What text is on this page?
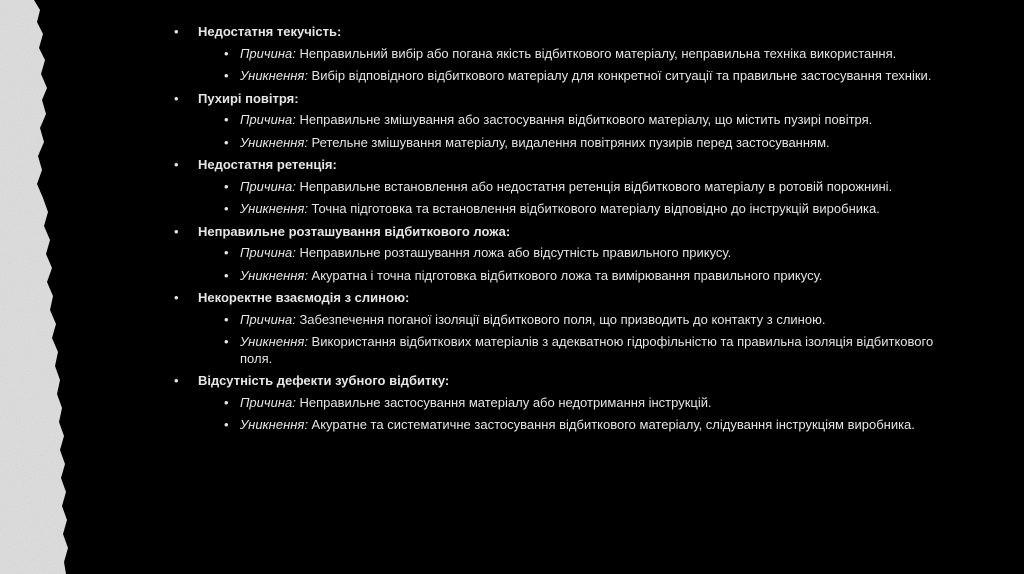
• Недостатня текучість:
• Причина: Неправильний вибір або погана якість відбиткового матеріалу, неправильна техніка використання.
• Уникнення: Вибір відповідного відбиткового матеріалу для конкретної ситуації та правильне застосування техніки.
• Пухирі повітря:
• Причина: Неправильне змішування або застосування відбиткового матеріалу, що містить пузирі повітря.
• Уникнення: Ретельне змішування матеріалу, видалення повітряних пузирів перед застосуванням.
• Недостатня ретенція:
• Причина: Неправильне встановлення або недостатня ретенція відбиткового матеріалу в ротовій порожнині.
• Уникнення: Точна підготовка та встановлення відбиткового матеріалу відповідно до інструкцій виробника.
• Неправильне розташування відбиткового ложа:
• Причина: Неправильне розташування ложа або відсутність правильного прикусу.
• Уникнення: Акуратна і точна підготовка відбиткового ложа та вимірювання правильного прикусу.
• Некоректне взаємодія з слиною:
• Причина: Забезпечення поганої ізоляції відбиткового поля, що призводить до контакту з слиною.
• Уникнення: Використання відбиткових матеріалів з адекватною гідрофільністю та правильна ізоляція відбиткового поля.
• Відсутність дефекти зубного відбитку:
• Причина: Неправильне застосування матеріалу або недотримання інструкцій.
• Уникнення: Акуратне та систематичне застосування відбиткового матеріалу, слідування інструкціям виробника.
